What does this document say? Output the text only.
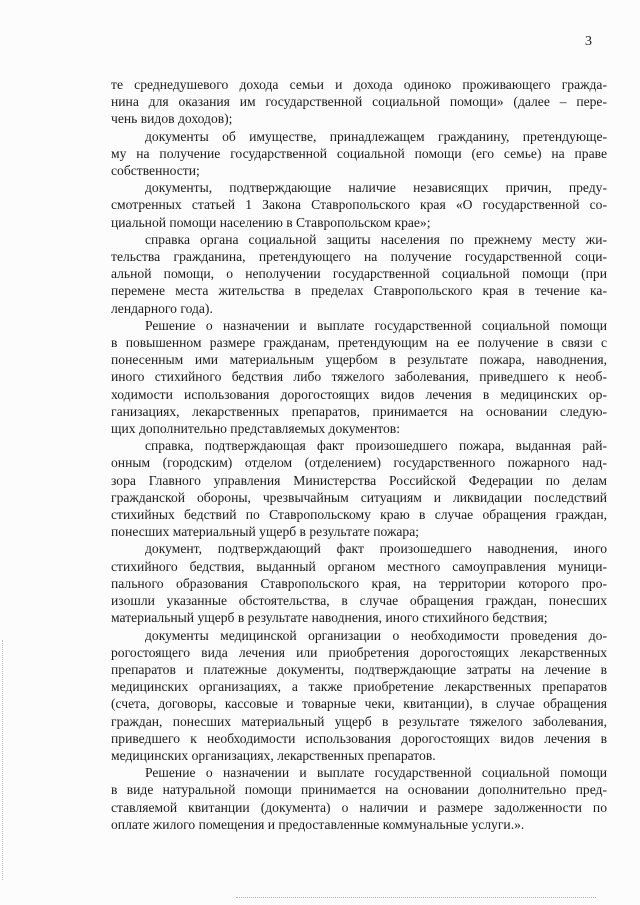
3
те среднедушевого дохода семьи и дохода одиноко проживающего гражда-
нина для оказания им государственной социальной помощи» (далее – пере-
чень видов доходов);
документы об имуществе, принадлежащем гражданину, претендующе-
му на получение государственной социальной помощи (его семье) на праве
собственности;
документы, подтверждающие наличие независящих причин, преду-
смотренных статьей 1 Закона Ставропольского края «О государственной со-
циальной помощи населению в Ставропольском крае»;
справка органа социальной защиты населения по прежнему месту жи-
тельства гражданина, претендующего на получение государственной соци-
альной помощи, о неполучении государственной социальной помощи (при
перемене места жительства в пределах Ставропольского края в течение ка-
лендарного года).
Решение о назначении и выплате государственной социальной помощи
в повышенном размере гражданам, претендующим на ее получение в связи с
понесенным ими материальным ущербом в результате пожара, наводнения,
иного стихийного бедствия либо тяжелого заболевания, приведшего к необ-
ходимости использования дорогостоящих видов лечения в медицинских ор-
ганизациях, лекарственных препаратов, принимается на основании следую-
щих дополнительно представляемых документов:
справка, подтверждающая факт произошедшего пожара, выданная рай-
онным (городским) отделом (отделением) государственного пожарного над-
зора Главного управления Министерства Российской Федерации по делам
гражданской обороны, чрезвычайным ситуациям и ликвидации последствий
стихийных бедствий по Ставропольскому краю в случае обращения граждан,
понесших материальный ущерб в результате пожара;
документ, подтверждающий факт произошедшего наводнения, иного
стихийного бедствия, выданный органом местного самоуправления муници-
пального образования Ставропольского края, на территории которого про-
изошли указанные обстоятельства, в случае обращения граждан, понесших
материальный ущерб в результате наводнения, иного стихийного бедствия;
документы медицинской организации о необходимости проведения до-
рогостоящего вида лечения или приобретения дорогостоящих лекарственных
препаратов и платежные документы, подтверждающие затраты на лечение в
медицинских организациях, а также приобретение лекарственных препаратов
(счета, договоры, кассовые и товарные чеки, квитанции), в случае обращения
граждан, понесших материальный ущерб в результате тяжелого заболевания,
приведшего к необходимости использования дорогостоящих видов лечения в
медицинских организациях, лекарственных препаратов.
Решение о назначении и выплате государственной социальной помощи
в виде натуральной помощи принимается на основании дополнительно пред-
ставляемой квитанции (документа) о наличии и размере задолженности по
оплате жилого помещения и предоставленные коммунальные услуги.».
